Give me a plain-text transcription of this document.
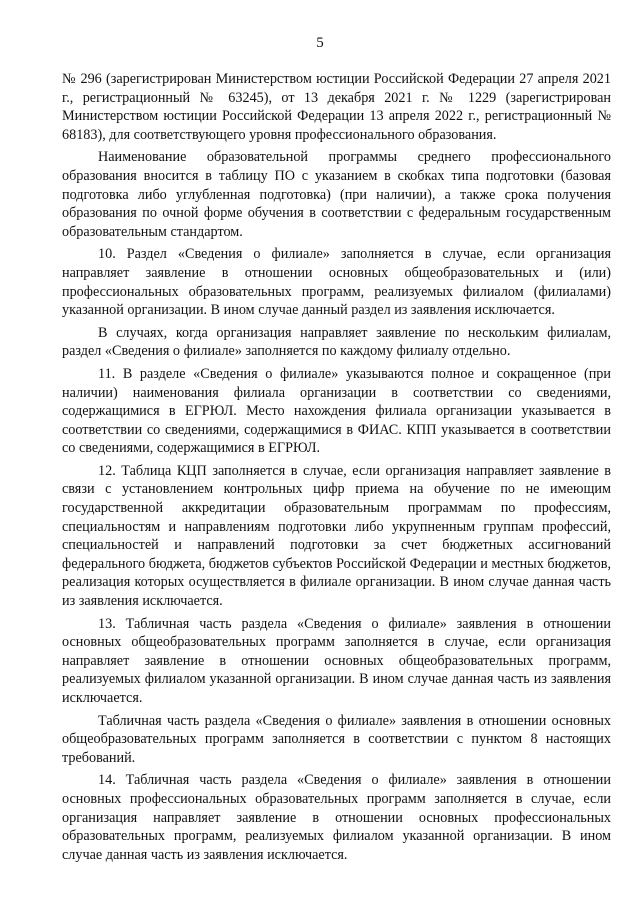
5

№ 296 (зарегистрирован Министерством юстиции Российской Федерации 27 апреля 2021 г., регистрационный № 63245), от 13 декабря 2021 г. № 1229 (зарегистрирован Министерством юстиции Российской Федерации 13 апреля 2022 г., регистрационный № 68183), для соответствующего уровня профессионального образования.

Наименование образовательной программы среднего профессионального образования вносится в таблицу ПО с указанием в скобках типа подготовки (базовая подготовка либо углубленная подготовка) (при наличии), а также срока получения образования по очной форме обучения в соответствии с федеральным государственным образовательным стандартом.

10. Раздел «Сведения о филиале» заполняется в случае, если организация направляет заявление в отношении основных общеобразовательных и (или) профессиональных образовательных программ, реализуемых филиалом (филиалами) указанной организации. В ином случае данный раздел из заявления исключается.

В случаях, когда организация направляет заявление по нескольким филиалам, раздел «Сведения о филиале» заполняется по каждому филиалу отдельно.

11. В разделе «Сведения о филиале» указываются полное и сокращенное (при наличии) наименования филиала организации в соответствии со сведениями, содержащимися в ЕГРЮЛ. Место нахождения филиала организации указывается в соответствии со сведениями, содержащимися в ФИАС. КПП указывается в соответствии со сведениями, содержащимися в ЕГРЮЛ.

12. Таблица КЦП заполняется в случае, если организация направляет заявление в связи с установлением контрольных цифр приема на обучение по не имеющим государственной аккредитации образовательным программам по профессиям, специальностям и направлениям подготовки либо укрупненным группам профессий, специальностей и направлений подготовки за счет бюджетных ассигнований федерального бюджета, бюджетов субъектов Российской Федерации и местных бюджетов, реализация которых осуществляется в филиале организации. В ином случае данная часть из заявления исключается.

13. Табличная часть раздела «Сведения о филиале» заявления в отношении основных общеобразовательных программ заполняется в случае, если организация направляет заявление в отношении основных общеобразовательных программ, реализуемых филиалом указанной организации. В ином случае данная часть из заявления исключается.

Табличная часть раздела «Сведения о филиале» заявления в отношении основных общеобразовательных программ заполняется в соответствии с пунктом 8 настоящих требований.

14. Табличная часть раздела «Сведения о филиале» заявления в отношении основных профессиональных образовательных программ заполняется в случае, если организация направляет заявление в отношении основных профессиональных образовательных программ, реализуемых филиалом указанной организации. В ином случае данная часть из заявления исключается.
